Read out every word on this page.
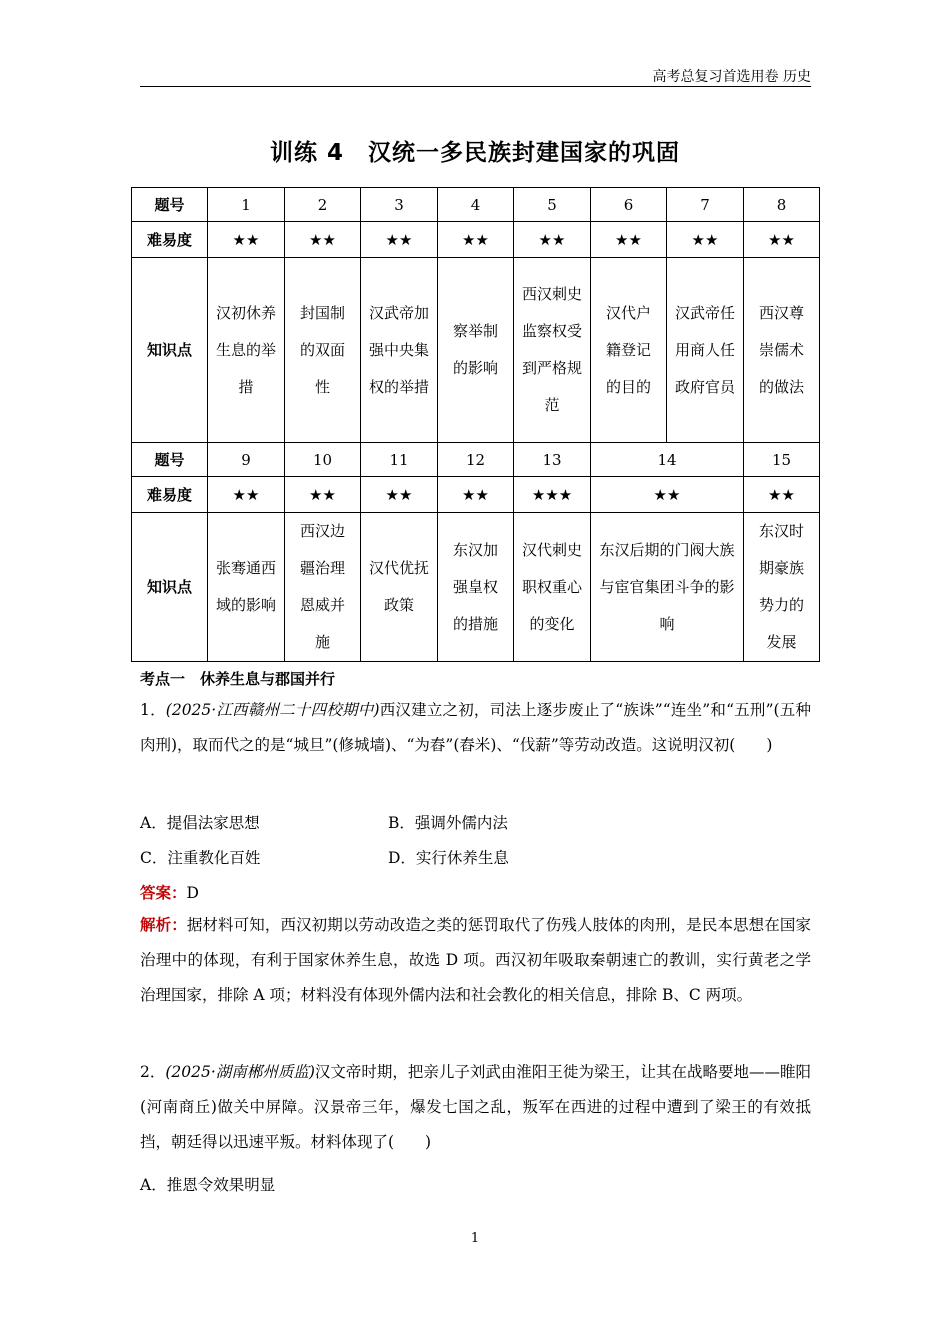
高考总复习首选用卷 历史
训练 4　汉统一多民族封建国家的巩固
题号	1	2	3	4	5	6	7	8
难易度	★★	★★	★★	★★	★★	★★	★★	★★
知识点	汉初休养生息的举措	封国制的双面性	汉武帝加强中央集权的举措	察举制的影响	西汉刺史监察权受到严格规范	汉代户籍登记的目的	汉武帝任用商人任政府官员	西汉尊崇儒术的做法
题号	9	10	11	12	13	14		15
难易度	★★	★★	★★	★★	★★★	★★		★★
知识点	张骞通西域的影响	西汉边疆治理恩威并施	汉代优抚政策	东汉加强皇权的措施	汉代刺史职权重心的变化	东汉后期的门阀大族与宦官集团斗争的影响		东汉时期豪族势力的发展
考点一　休养生息与郡国并行
1．(2025·江西赣州二十四校期中)西汉建立之初，司法上逐步废止了“族诛”“连坐”和“五刑”(五种肉刑)，取而代之的是“城旦”(修城墙)、“为舂”(舂米)、“伐薪”等劳动改造。这说明汉初(　　)
A．提倡法家思想	B．强调外儒内法
C．注重教化百姓	D．实行休养生息
答案：D
解析：据材料可知，西汉初期以劳动改造之类的惩罚取代了伤残人肢体的肉刑，是民本思想在国家治理中的体现，有利于国家休养生息，故选 D 项。西汉初年吸取秦朝速亡的教训，实行黄老之学治理国家，排除 A 项；材料没有体现外儒内法和社会教化的相关信息，排除 B、C 两项。
2．(2025·湖南郴州质监)汉文帝时期，把亲儿子刘武由淮阳王徙为梁王，让其在战略要地——睢阳(河南商丘)做关中屏障。汉景帝三年，爆发七国之乱，叛军在西进的过程中遭到了梁王的有效抵挡，朝廷得以迅速平叛。材料体现了(　　)
A．推恩令效果明显
1
